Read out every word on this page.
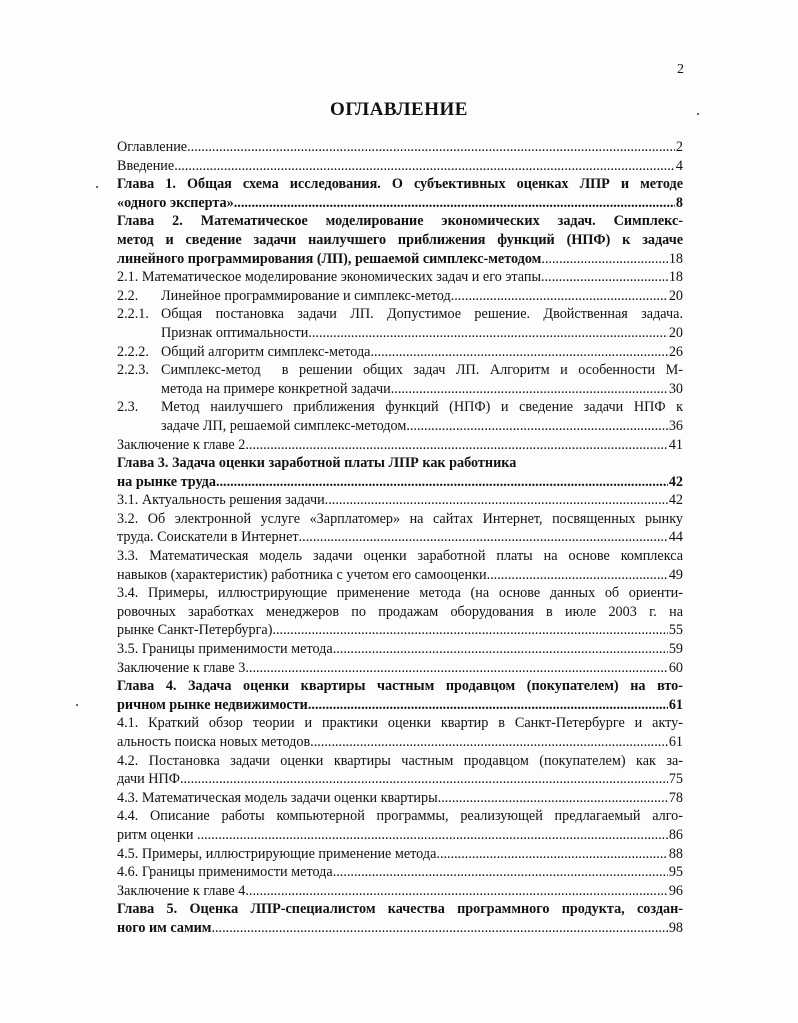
2
ОГЛАВЛЕНИЕ
Оглавление .....	2
Введение .....	4
Глава 1. Общая схема исследования. О субъективных оценках ЛПР и методе
«одного эксперта» .....	8
Глава 2. Математическое моделирование экономических задач. Симплекс-
метод и сведение задачи наилучшего приближения функций (НПФ) к задаче
линейного программирования (ЛП), решаемой симплекс-методом .....	18
2.1. Математическое моделирование экономических задач и его этапы .....	18
2.2.	Линейное программирование и симплекс-метод .....	20
2.2.1. Общая постановка задачи ЛП. Допустимое решение. Двойственная задача.
Признак оптимальности .....	20
2.2.2. Общий алгоритм симплекс-метода .....	26
2.2.3. Симплекс-метод  в решении общих задач ЛП. Алгоритм и особенности М-
метода на примере конкретной задачи .....	30
2.3.	Метод наилучшего приближения функций (НПФ) и сведение задачи НПФ к
задаче ЛП, решаемой симплекс-методом .....	36
Заключение к главе 2 .....	41
Глава 3. Задача оценки заработной платы ЛПР как работника
на рынке труда .....	42
3.1. Актуальность решения задачи .....	42
3.2. Об электронной услуге «Зарплатомер» на сайтах Интернет, посвященных рынку
труда. Соискатели в Интернет .....	44
3.3. Математическая модель задачи оценки заработной платы на основе комплекса
навыков (характеристик) работника с учетом его самооценки .....	49
3.4. Примеры, иллюстрирующие применение метода (на основе данных об ориенти-
ровочных заработках менеджеров по продажам оборудования в июле 2003 г. на
рынке Санкт-Петербурга) .....	55
3.5. Границы применимости метода .....	59
Заключение к главе 3 .....	60
Глава 4. Задача оценки квартиры частным продавцом (покупателем) на вто-
ричном рынке недвижимости .....	61
4.1. Краткий обзор теории и практики оценки квартир в Санкт-Петербурге и акту-
альность поиска новых методов .....	61
4.2. Постановка задачи оценки квартиры частным продавцом (покупателем) как за-
дачи НПФ .....	75
4.3. Математическая модель задачи оценки квартиры .....	78
4.4. Описание работы компьютерной программы, реализующей предлагаемый алго-
ритм оценки .....	86
4.5. Примеры, иллюстрирующие применение метода .....	88
4.6. Границы применимости метода .....	95
Заключение к главе 4 .....	96
Глава 5. Оценка ЛПР-специалистом качества программного продукта, создан-
ного им самим .....	98
